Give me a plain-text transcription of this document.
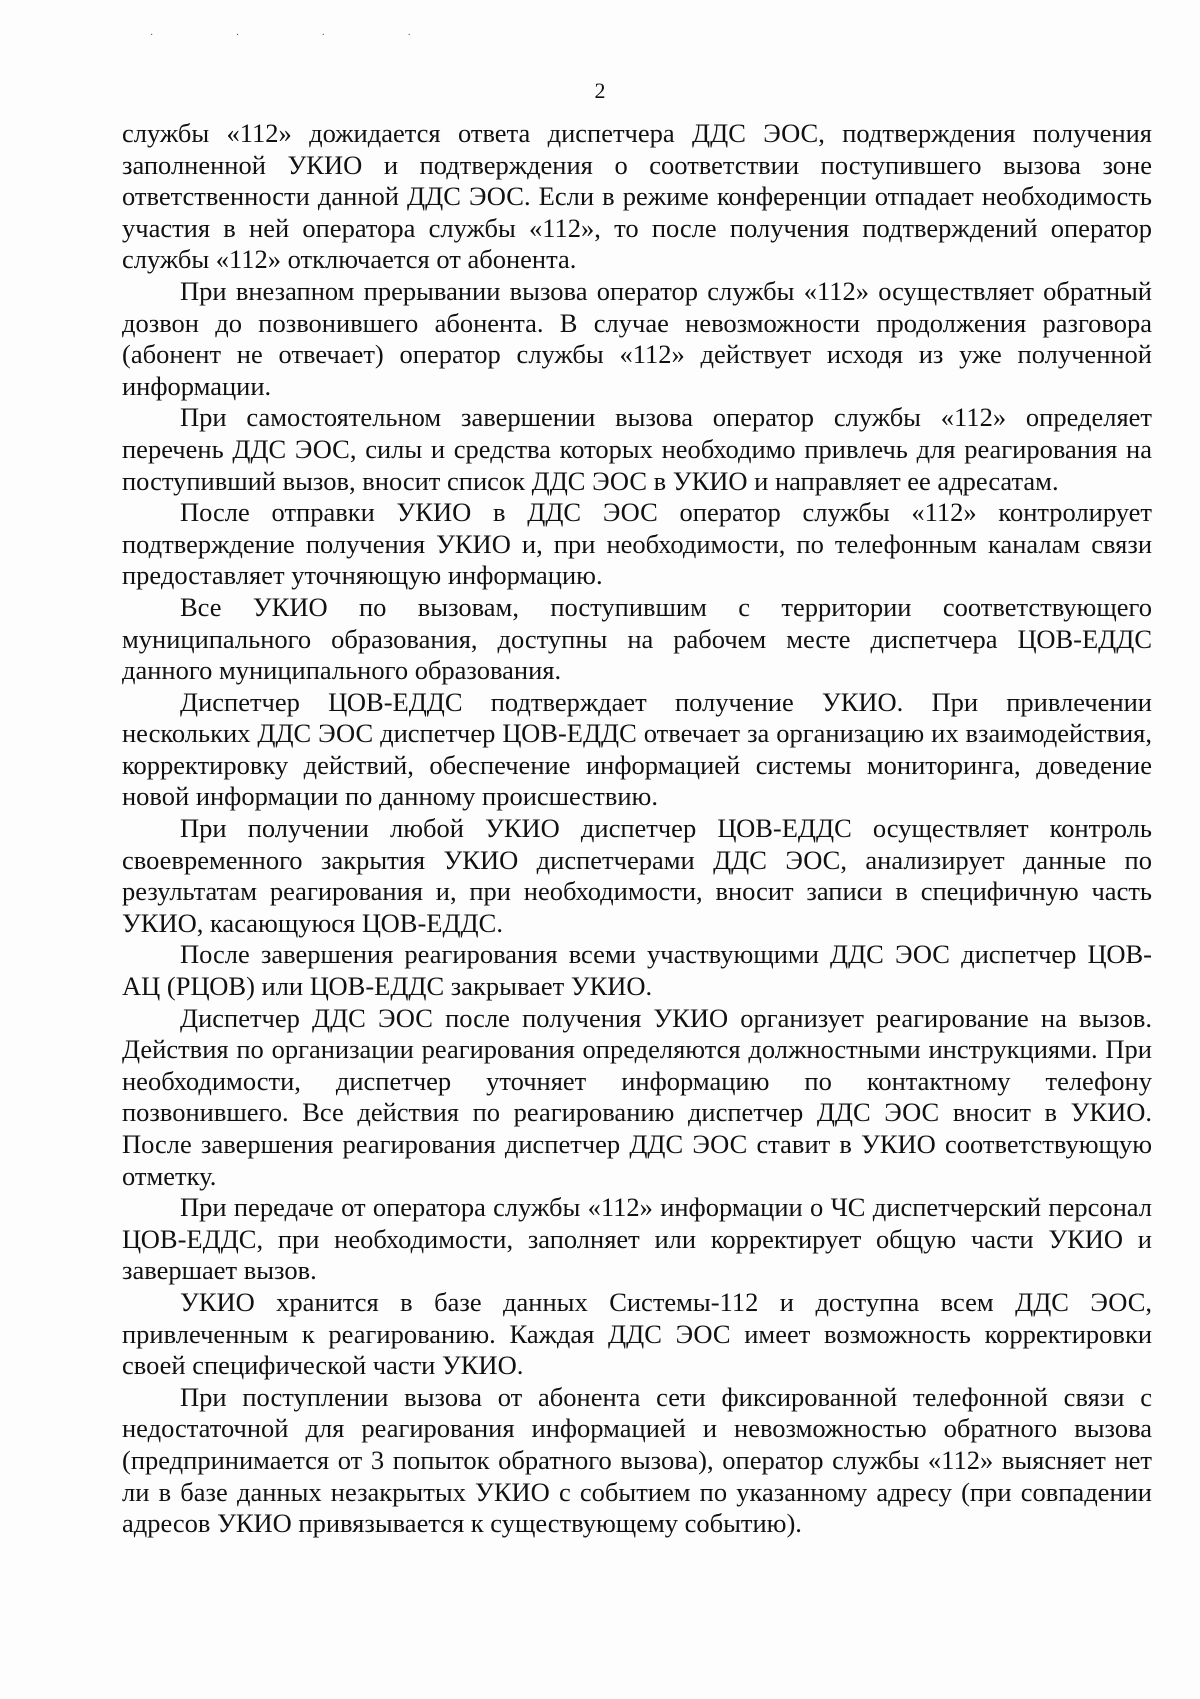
· · · ·
2

службы «112» дожидается ответа диспетчера ДДС ЭОС, подтверждения получения заполненной УКИО и подтверждения о соответствии поступившего вызова зоне ответственности данной ДДС ЭОС. Если в режиме конференции отпадает необходимость участия в ней оператора службы «112», то после получения подтверждений оператор службы «112» отключается от абонента.

При внезапном прерывании вызова оператор службы «112» осуществляет обратный дозвон до позвонившего абонента. В случае невозможности продолжения разговора (абонент не отвечает) оператор службы «112» действует исходя из уже полученной информации.

При самостоятельном завершении вызова оператор службы «112» определяет перечень ДДС ЭОС, силы и средства которых необходимо привлечь для реагирования на поступивший вызов, вносит список ДДС ЭОС в УКИО и направляет ее адресатам.

После отправки УКИО в ДДС ЭОС оператор службы «112» контролирует подтверждение получения УКИО и, при необходимости, по телефонным каналам связи предоставляет уточняющую информацию.

Все УКИО по вызовам, поступившим с территории соответствующего муниципального образования, доступны на рабочем месте диспетчера ЦОВ-ЕДДС данного муниципального образования.

Диспетчер ЦОВ-ЕДДС подтверждает получение УКИО. При привлечении нескольких ДДС ЭОС диспетчер ЦОВ-ЕДДС отвечает за организацию их взаимодействия, корректировку действий, обеспечение информацией системы мониторинга, доведение новой информации по данному происшествию.

При получении любой УКИО диспетчер ЦОВ-ЕДДС осуществляет контроль своевременного закрытия УКИО диспетчерами ДДС ЭОС, анализирует данные по результатам реагирования и, при необходимости, вносит записи в специфичную часть УКИО, касающуюся ЦОВ-ЕДДС.

После завершения реагирования всеми участвующими ДДС ЭОС диспетчер ЦОВ-АЦ (РЦОВ) или ЦОВ-ЕДДС закрывает УКИО.

Диспетчер ДДС ЭОС после получения УКИО организует реагирование на вызов. Действия по организации реагирования определяются должностными инструкциями. При необходимости, диспетчер уточняет информацию по контактному телефону позвонившего. Все действия по реагированию диспетчер ДДС ЭОС вносит в УКИО. После завершения реагирования диспетчер ДДС ЭОС ставит в УКИО соответствующую отметку.

При передаче от оператора службы «112» информации о ЧС диспетчерский персонал ЦОВ-ЕДДС, при необходимости, заполняет или корректирует общую части УКИО и завершает вызов.

УКИО хранится в базе данных Системы-112 и доступна всем ДДС ЭОС, привлеченным к реагированию. Каждая ДДС ЭОС имеет возможность корректировки своей специфической части УКИО.

При поступлении вызова от абонента сети фиксированной телефонной связи с недостаточной для реагирования информацией и невозможностью обратного вызова (предпринимается от 3 попыток обратного вызова), оператор службы «112» выясняет нет ли в базе данных незакрытых УКИО с событием по указанному адресу (при совпадении адресов УКИО привязывается к существующему событию).
